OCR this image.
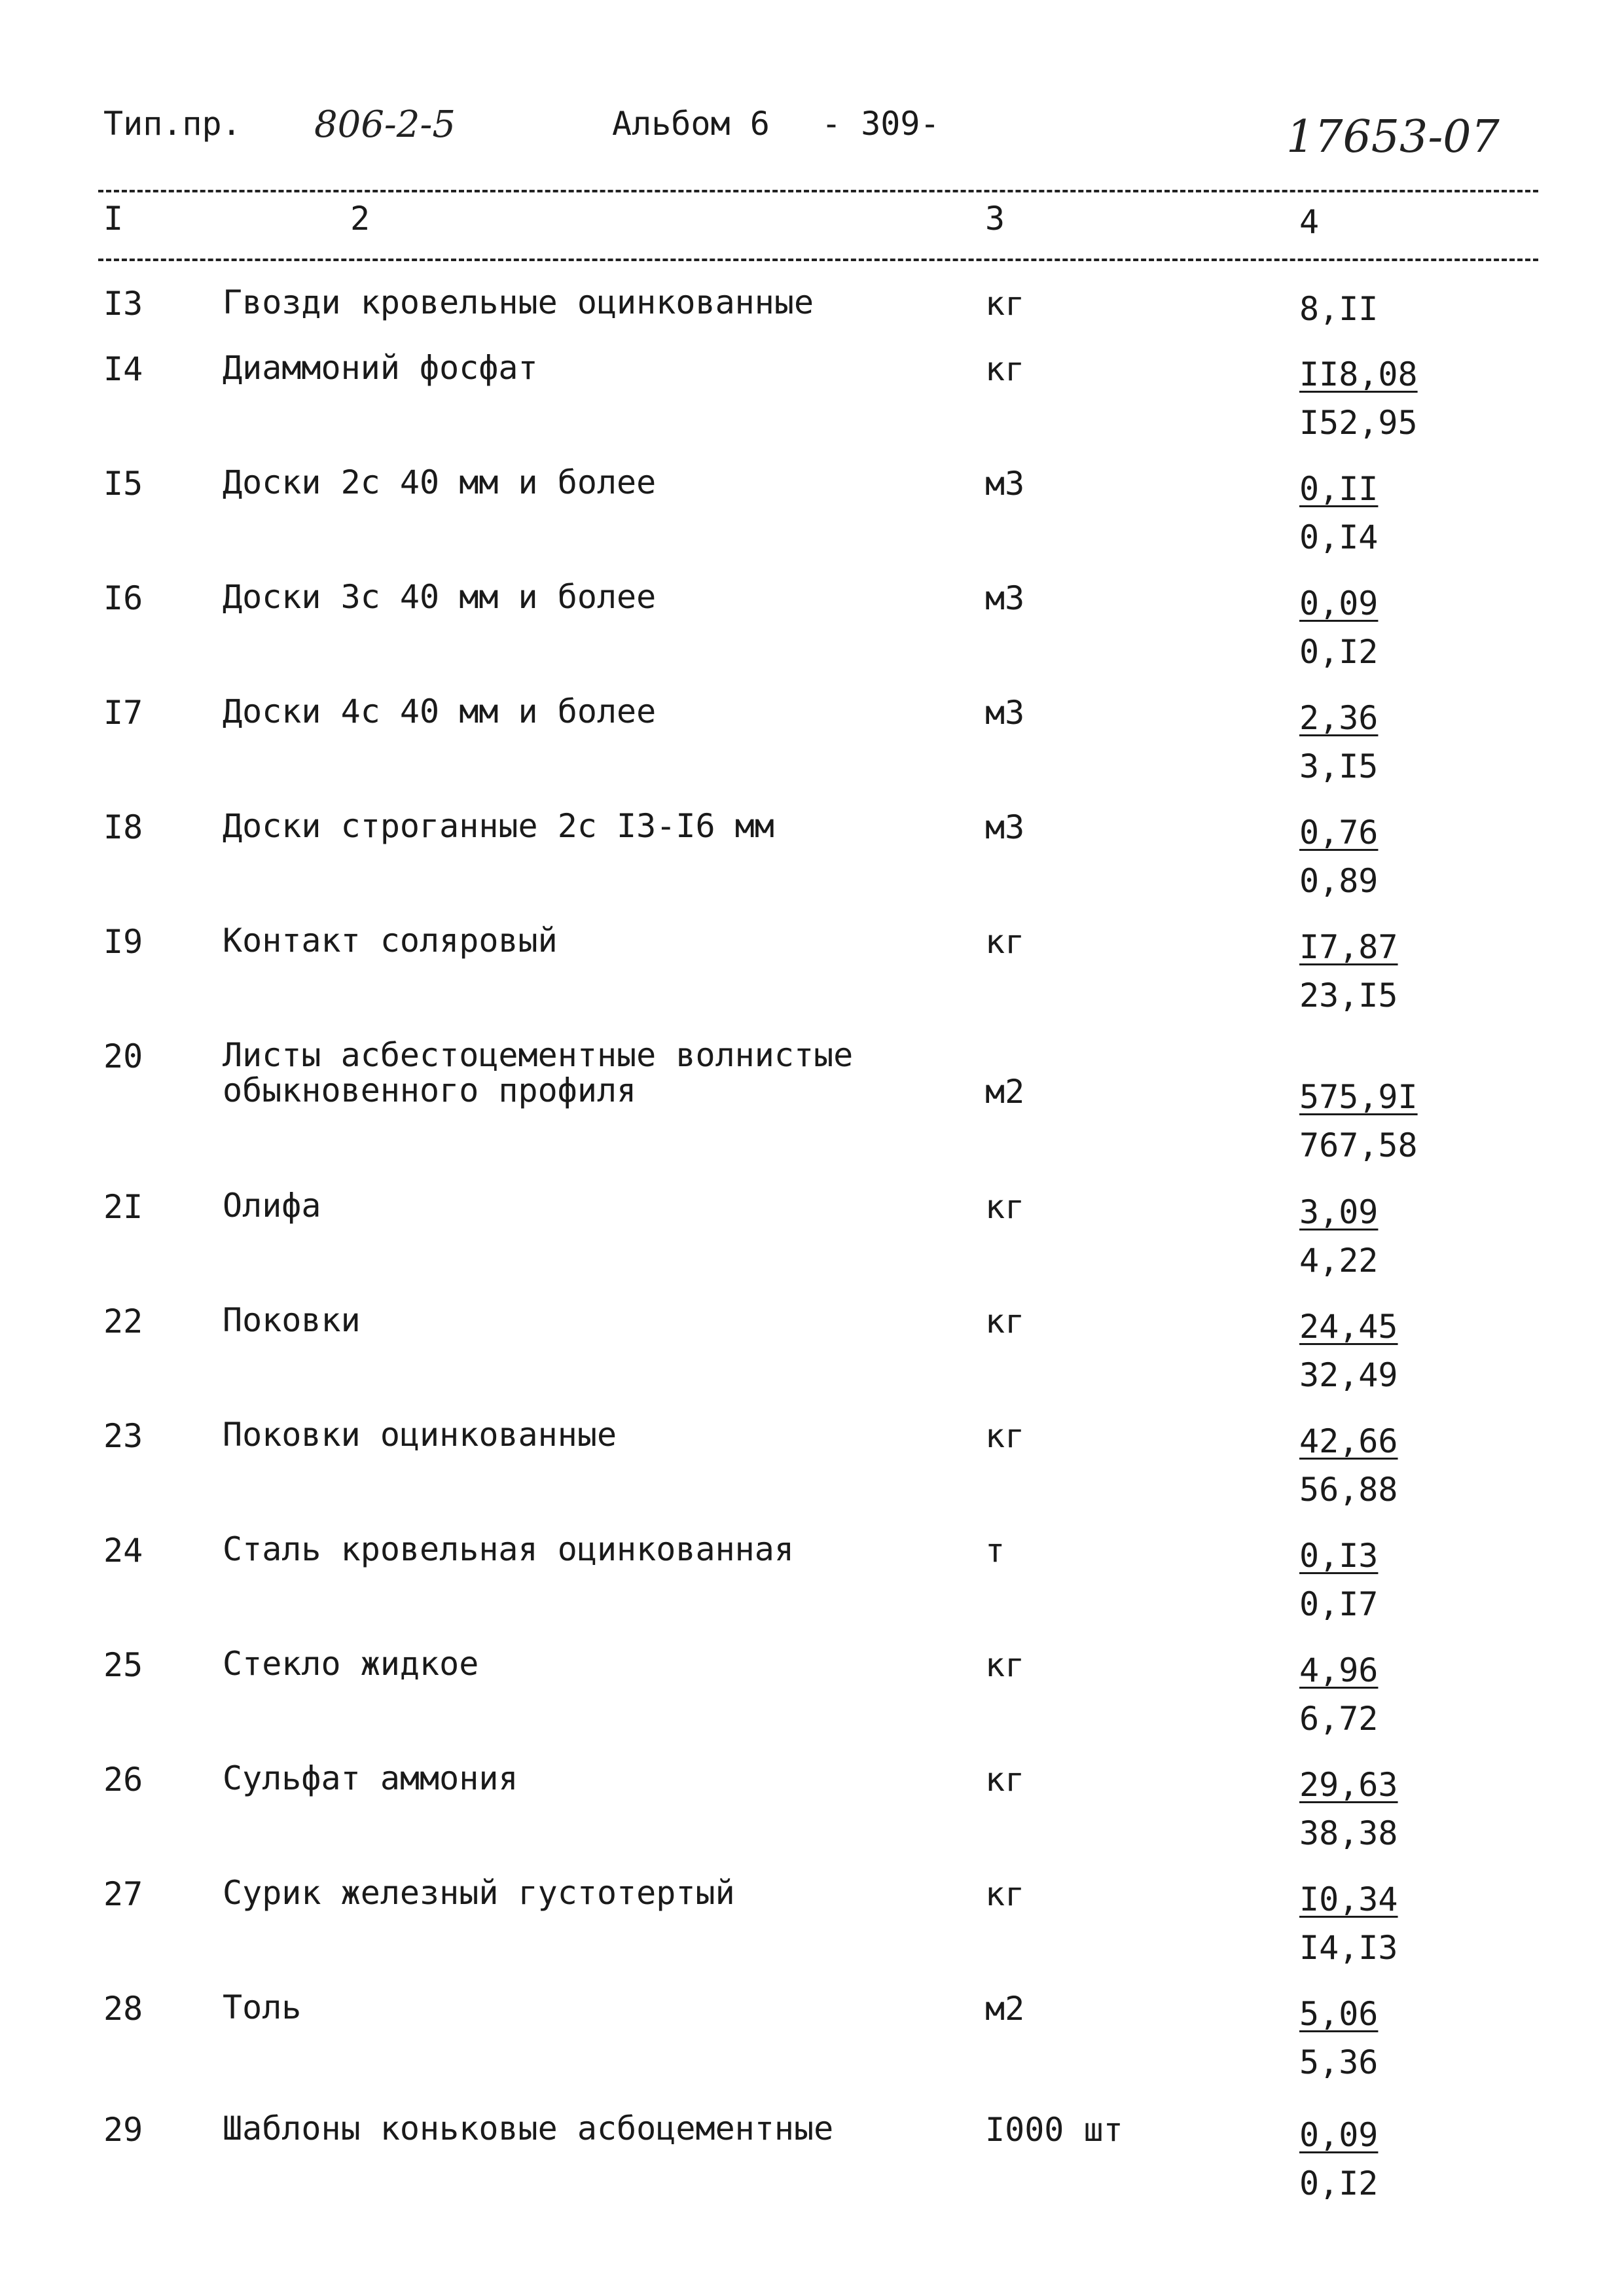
Тип.пр. 806-2-5	Альбом 6 - 309-	17653-07
I	2	3	4
I3 Гвозди кровельные оцинкованные	кг	8,II
I4 Диаммоний фосфат	кг	$\frac{II8,08}{I52,95}$
I5 Доски 2с 40 мм и более	м3	$\frac{0,II}{0,I4}$
I6 Доски 3с 40 мм и более	м3	$\frac{0,09}{0,I2}$
I7 Доски 4с 40 мм и более	м3	$\frac{2,36}{3,I5}$
I8 Доски строганные 2с I3-I6 мм	м3	$\frac{0,76}{0,89}$
I9 Контакт соляровый	кг	$\frac{I7,87}{23,I5}$
20 Листы асбестоцементные волнистые
обыкновенного профиля	м2	$\frac{575,9I}{767,58}$
2I Олифа	кг	$\frac{3,09}{4,22}$
22 Поковки	кг	$\frac{24,45}{32,49}$
23 Поковки оцинкованные	кг	$\frac{42,66}{56,88}$
24 Сталь кровельная оцинкованная	т	$\frac{0,I3}{0,I7}$
25 Стекло жидкое	кг	$\frac{4,96}{6,72}$
26 Сульфат аммония	кг	$\frac{29,63}{38,38}$
27 Сурик железный густотертый	кг	$\frac{I0,34}{I4,I3}$
28 Толь	м2	$\frac{5,06}{5,36}$
29 Шаблоны коньковые асбоцементные	I000 шт	$\frac{0,09}{0,I2}$
